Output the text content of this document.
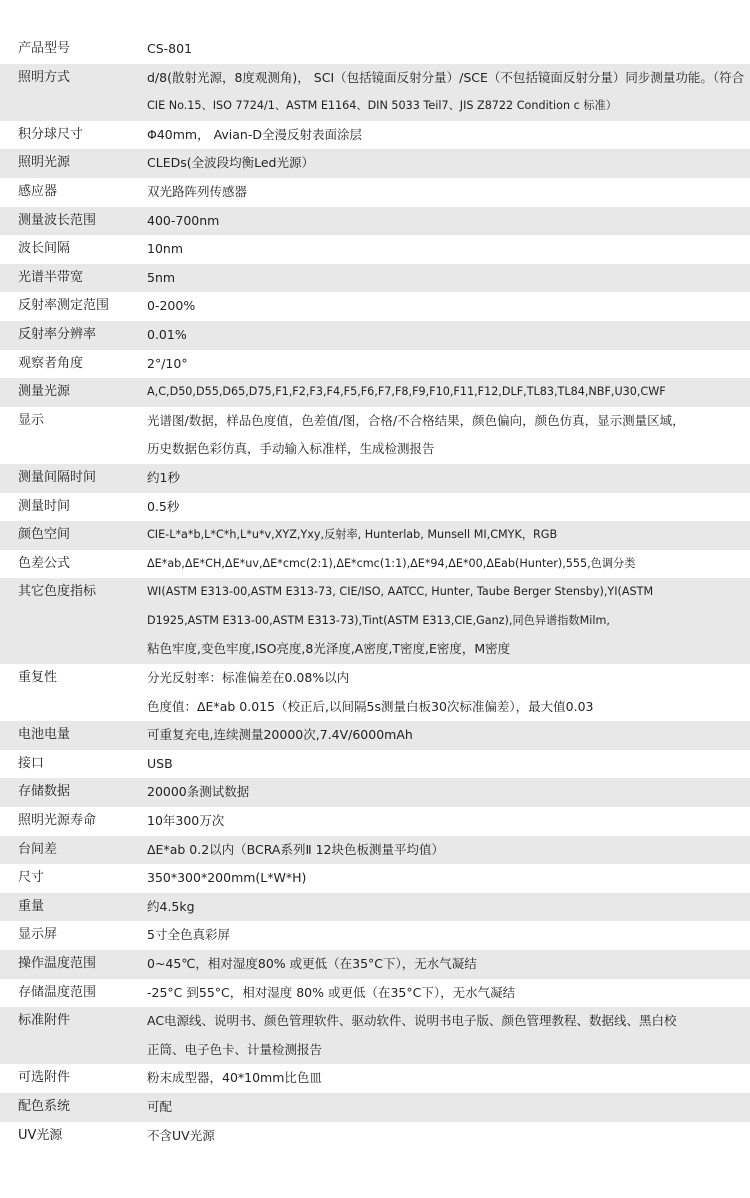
产品型号	CS-801
照明方式	d/8(散射光源，8度观测角)， SCI（包括镜面反射分量）/SCE（不包括镜面反射分量）同步测量功能。（符合
CIE No.15、ISO 7724/1、ASTM E1164、DIN 5033 Teil7、JIS Z8722 Condition c 标准）
积分球尺寸	Φ40mm， Avian-D全漫反射表面涂层
照明光源	CLEDs(全波段均衡Led光源）
感应器	双光路阵列传感器
测量波长范围	400-700nm
波长间隔	10nm
光谱半带宽	5nm
反射率测定范围	0-200%
反射率分辨率	0.01%
观察者角度	2°/10°
测量光源	A,C,D50,D55,D65,D75,F1,F2,F3,F4,F5,F6,F7,F8,F9,F10,F11,F12,DLF,TL83,TL84,NBF,U30,CWF
显示	光谱图/数据，样品色度值，色差值/图，合格/不合格结果，颜色偏向，颜色仿真，显示测量区域，
历史数据色彩仿真，手动输入标准样，生成检测报告
测量间隔时间	约1秒
测量时间	0.5秒
颜色空间	CIE-L*a*b,L*C*h,L*u*v,XYZ,Yxy,反射率, Hunterlab, Munsell MI,CMYK，RGB
色差公式	ΔE*ab,ΔE*CH,ΔE*uv,ΔE*cmc(2:1),ΔE*cmc(1:1),ΔE*94,ΔE*00,ΔEab(Hunter),555,色调分类
其它色度指标	WI(ASTM E313-00,ASTM E313-73, CIE/ISO, AATCC, Hunter, Taube Berger Stensby),YI(ASTM
D1925,ASTM E313-00,ASTM E313-73),Tint(ASTM E313,CIE,Ganz),同色异谱指数Milm,
粘色牢度,变色牢度,ISO亮度,8光泽度,A密度,T密度,E密度，M密度
重复性	分光反射率：标准偏差在0.08%以内
色度值：ΔE*ab 0.015（校正后,以间隔5s测量白板30次标准偏差），最大值0.03
电池电量	可重复充电,连续测量20000次,7.4V/6000mAh
接口	USB
存储数据	20000条测试数据
照明光源寿命	10年300万次
台间差	ΔE*ab 0.2以内（BCRA系列Ⅱ 12块色板测量平均值）
尺寸	350*300*200mm(L*W*H)
重量	约4.5kg
显示屏	5寸全色真彩屏
操作温度范围	0~45℃，相对湿度80% 或更低（在35°C下），无水气凝结
存储温度范围	-25°C 到55°C，相对湿度 80% 或更低（在35°C下），无水气凝结
标准附件	AC电源线、说明书、颜色管理软件、驱动软件、说明书电子版、颜色管理教程、数据线、黑白校
正筒、电子色卡、计量检测报告
可选附件	粉末成型器，40*10mm比色皿
配色系统	可配
UV光源	不含UV光源
